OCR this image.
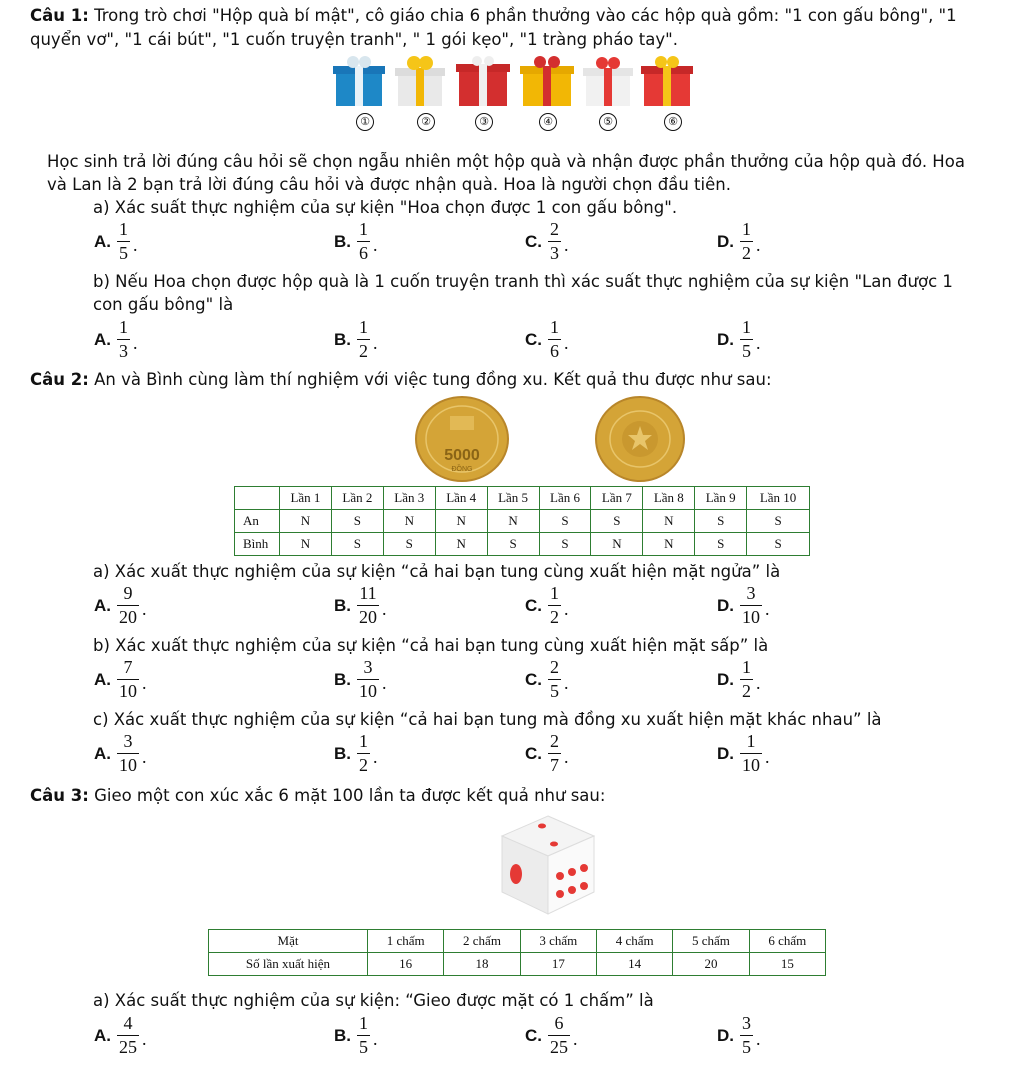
Câu 1: Trong trò chơi "Hộp quà bí mật", cô giáo chia 6 phần thưởng vào các hộp quà gồm: "1 con gấu bông", "1
quyển vơ", "1 cái bút", "1 cuốn truyện tranh", " 1 gói kẹo", "1 tràng pháo tay".
①	②	③	④	⑤	⑥
Học sinh trả lời đúng câu hỏi sẽ chọn ngẫu nhiên một hộp quà và nhận được phần thưởng của hộp quà đó. Hoa
và Lan là 2 bạn trả lời đúng câu hỏi và được nhận quà. Hoa là người chọn đầu tiên.
a) Xác suất thực nghiệm của sự kiện "Hoa chọn được 1 con gấu bông".
A. $\frac{1}{5}$ .	B. $\frac{1}{6}$ .	C. $\frac{2}{3}$ .	D. $\frac{1}{2}$ .
b) Nếu Hoa chọn được hộp quà là 1 cuốn truyện tranh thì xác suất thực nghiệm của sự kiện "Lan được 1
con gấu bông" là
A. $\frac{1}{3}$ .	B. $\frac{1}{2}$ .	C. $\frac{1}{6}$ .	D. $\frac{1}{5}$ .
Câu 2: An và Bình cùng làm thí nghiệm với việc tung đồng xu. Kết quả thu được như sau:
5000
ĐỒNG
	Lần 1	Lần 2	Lần 3	Lần 4	Lần 5	Lần 6	Lần 7	Lần 8	Lần 9	Lần 10
An	N	S	N	N	N	S	S	N	S	S
Bình	N	S	S	N	S	S	N	N	S	S
a) Xác xuất thực nghiệm của sự kiện “cả hai bạn tung cùng xuất hiện mặt ngửa” là
A. $\frac{9}{20}$ .	B. $\frac{11}{20}$ .	C. $\frac{1}{2}$ .	D. $\frac{3}{10}$ .
b) Xác xuất thực nghiệm của sự kiện “cả hai bạn tung cùng xuất hiện mặt sấp” là
A. $\frac{7}{10}$ .	B. $\frac{3}{10}$ .	C. $\frac{2}{5}$ .	D. $\frac{1}{2}$ .
c) Xác xuất thực nghiệm của sự kiện “cả hai bạn tung mà đồng xu xuất hiện mặt khác nhau” là
A. $\frac{3}{10}$ .	B. $\frac{1}{2}$ .	C. $\frac{2}{7}$ .	D. $\frac{1}{10}$ .
Câu 3: Gieo một con xúc xắc 6 mặt 100 lần ta được kết quả như sau:
Mặt	1 chấm	2 chấm	3 chấm	4 chấm	5 chấm	6 chấm
Số lần xuất hiện	16	18	17	14	20	15
a) Xác suất thực nghiệm của sự kiện: “Gieo được mặt có 1 chấm” là
A. $\frac{4}{25}$ .	B. $\frac{1}{5}$ .	C. $\frac{6}{25}$ .	D. $\frac{3}{5}$ .
